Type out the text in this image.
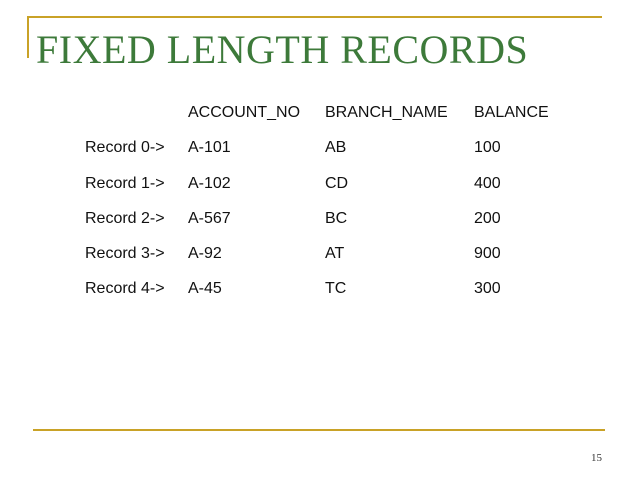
FIXED LENGTH RECORDS
ACCOUNT_NO BRANCH_NAME BALANCE
Record 0-> A-101	AB	100
Record 1-> A-102	CD	400
Record 2-> A-567	BC	200
Record 3-> A-92	AT	900
Record 4-> A-45	TC	300
15
